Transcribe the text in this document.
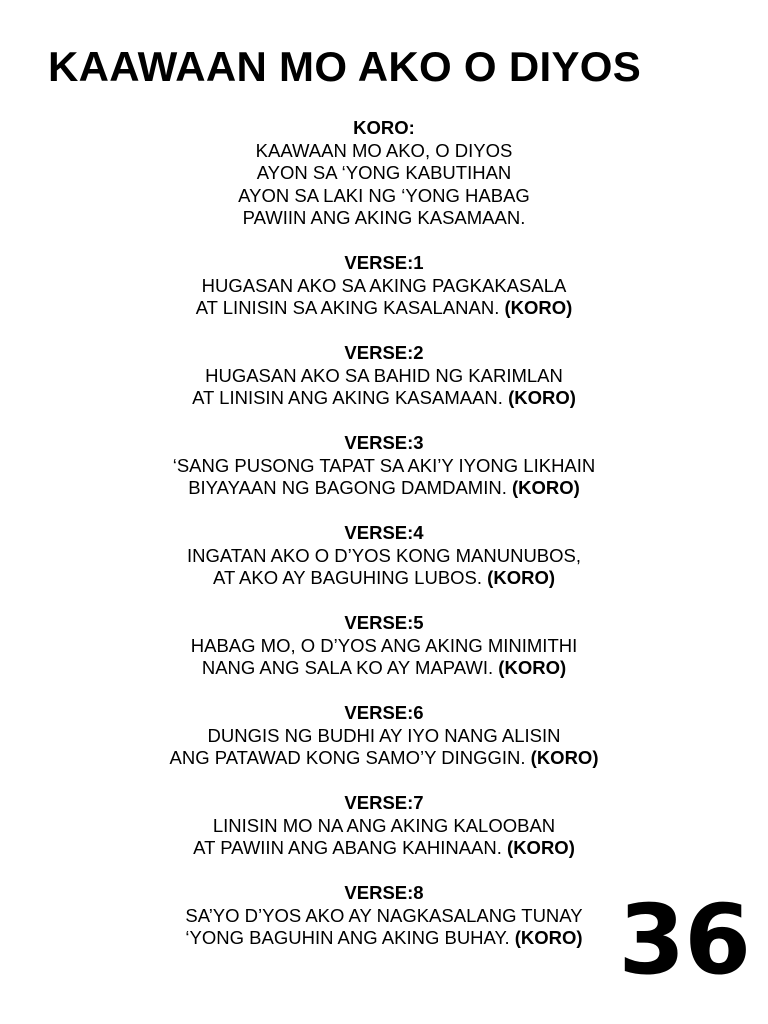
KAAWAAN MO AKO O DIYOS
KORO:
KAAWAAN MO AKO, O DIYOS
AYON SA ‘YONG KABUTIHAN
AYON SA LAKI NG ‘YONG HABAG
PAWIIN ANG AKING KASAMAAN.
VERSE:1
HUGASAN AKO SA AKING PAGKAKASALA
AT LINISIN SA AKING KASALANAN. (KORO)
VERSE:2
HUGASAN AKO SA BAHID NG KARIMLAN
AT LINISIN ANG AKING KASAMAAN. (KORO)
VERSE:3
‘SANG PUSONG TAPAT SA AKI’Y IYONG LIKHAIN
BIYAYAAN NG BAGONG DAMDAMIN. (KORO)
VERSE:4
INGATAN AKO O D’YOS KONG MANUNUBOS,
AT AKO AY BAGUHING LUBOS. (KORO)
VERSE:5
HABAG MO, O D’YOS ANG AKING MINIMITHI
NANG ANG SALA KO AY MAPAWI. (KORO)
VERSE:6
DUNGIS NG BUDHI AY IYO NANG ALISIN
ANG PATAWAD KONG SAMO’Y DINGGIN. (KORO)
VERSE:7
LINISIN MO NA ANG AKING KALOOBAN
AT PAWIIN ANG ABANG KAHINAAN. (KORO)
VERSE:8
SA’YO D’YOS AKO AY NAGKASALANG TUNAY
‘YONG BAGUHIN ANG AKING BUHAY. (KORO) 36
